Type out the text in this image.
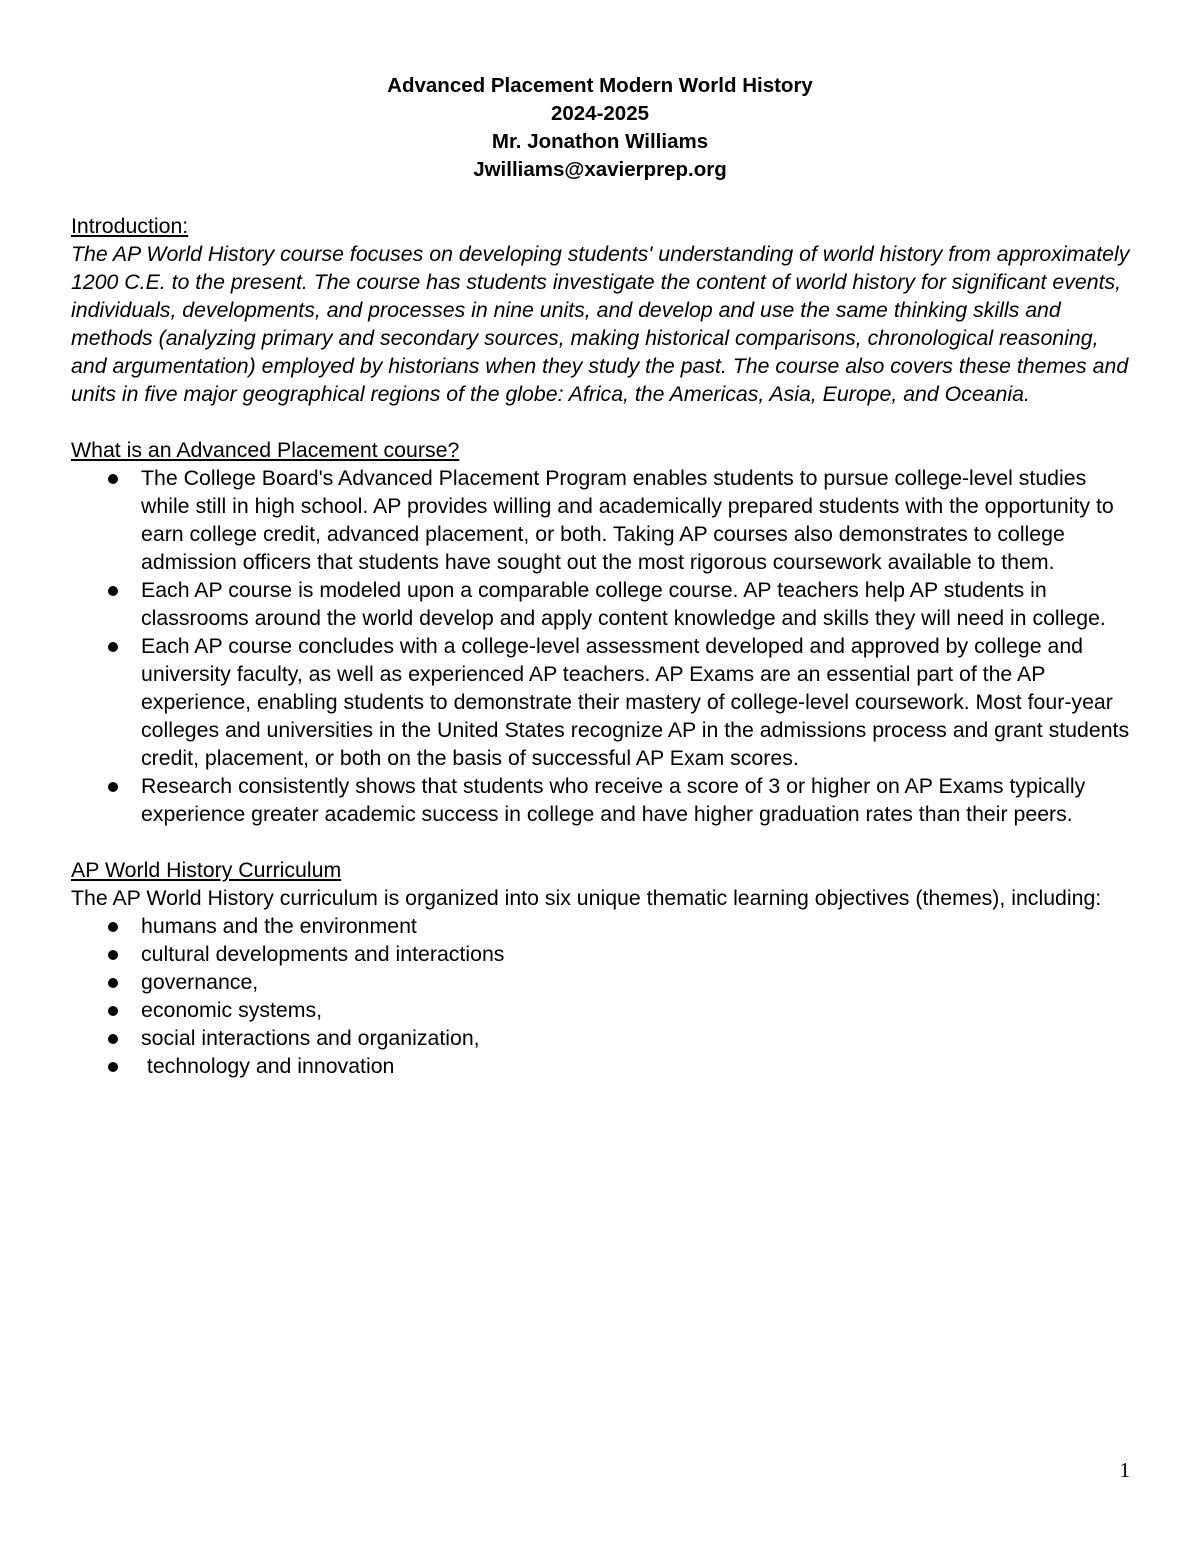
Advanced Placement Modern World History
2024-2025
Mr. Jonathon Williams
Jwilliams@xavierprep.org
Introduction:
The AP World History course focuses on developing students' understanding of world history from approximately 1200 C.E. to the present. The course has students investigate the content of world history for significant events, individuals, developments, and processes in nine units, and develop and use the same thinking skills and methods (analyzing primary and secondary sources, making historical comparisons, chronological reasoning, and argumentation) employed by historians when they study the past. The course also covers these themes and units in five major geographical regions of the globe: Africa, the Americas, Asia, Europe, and Oceania.
What is an Advanced Placement course?
The College Board's Advanced Placement Program enables students to pursue college-level studies while still in high school. AP provides willing and academically prepared students with the opportunity to earn college credit, advanced placement, or both. Taking AP courses also demonstrates to college admission officers that students have sought out the most rigorous coursework available to them.
Each AP course is modeled upon a comparable college course. AP teachers help AP students in classrooms around the world develop and apply content knowledge and skills they will need in college.
Each AP course concludes with a college-level assessment developed and approved by college and university faculty, as well as experienced AP teachers. AP Exams are an essential part of the AP experience, enabling students to demonstrate their mastery of college-level coursework. Most four-year colleges and universities in the United States recognize AP in the admissions process and grant students credit, placement, or both on the basis of successful AP Exam scores.
Research consistently shows that students who receive a score of 3 or higher on AP Exams typically experience greater academic success in college and have higher graduation rates than their peers.
AP World History Curriculum
The AP World History curriculum is organized into six unique thematic learning objectives (themes), including:
humans and the environment
cultural developments and interactions
governance,
economic systems,
social interactions and organization,
technology and innovation
1
